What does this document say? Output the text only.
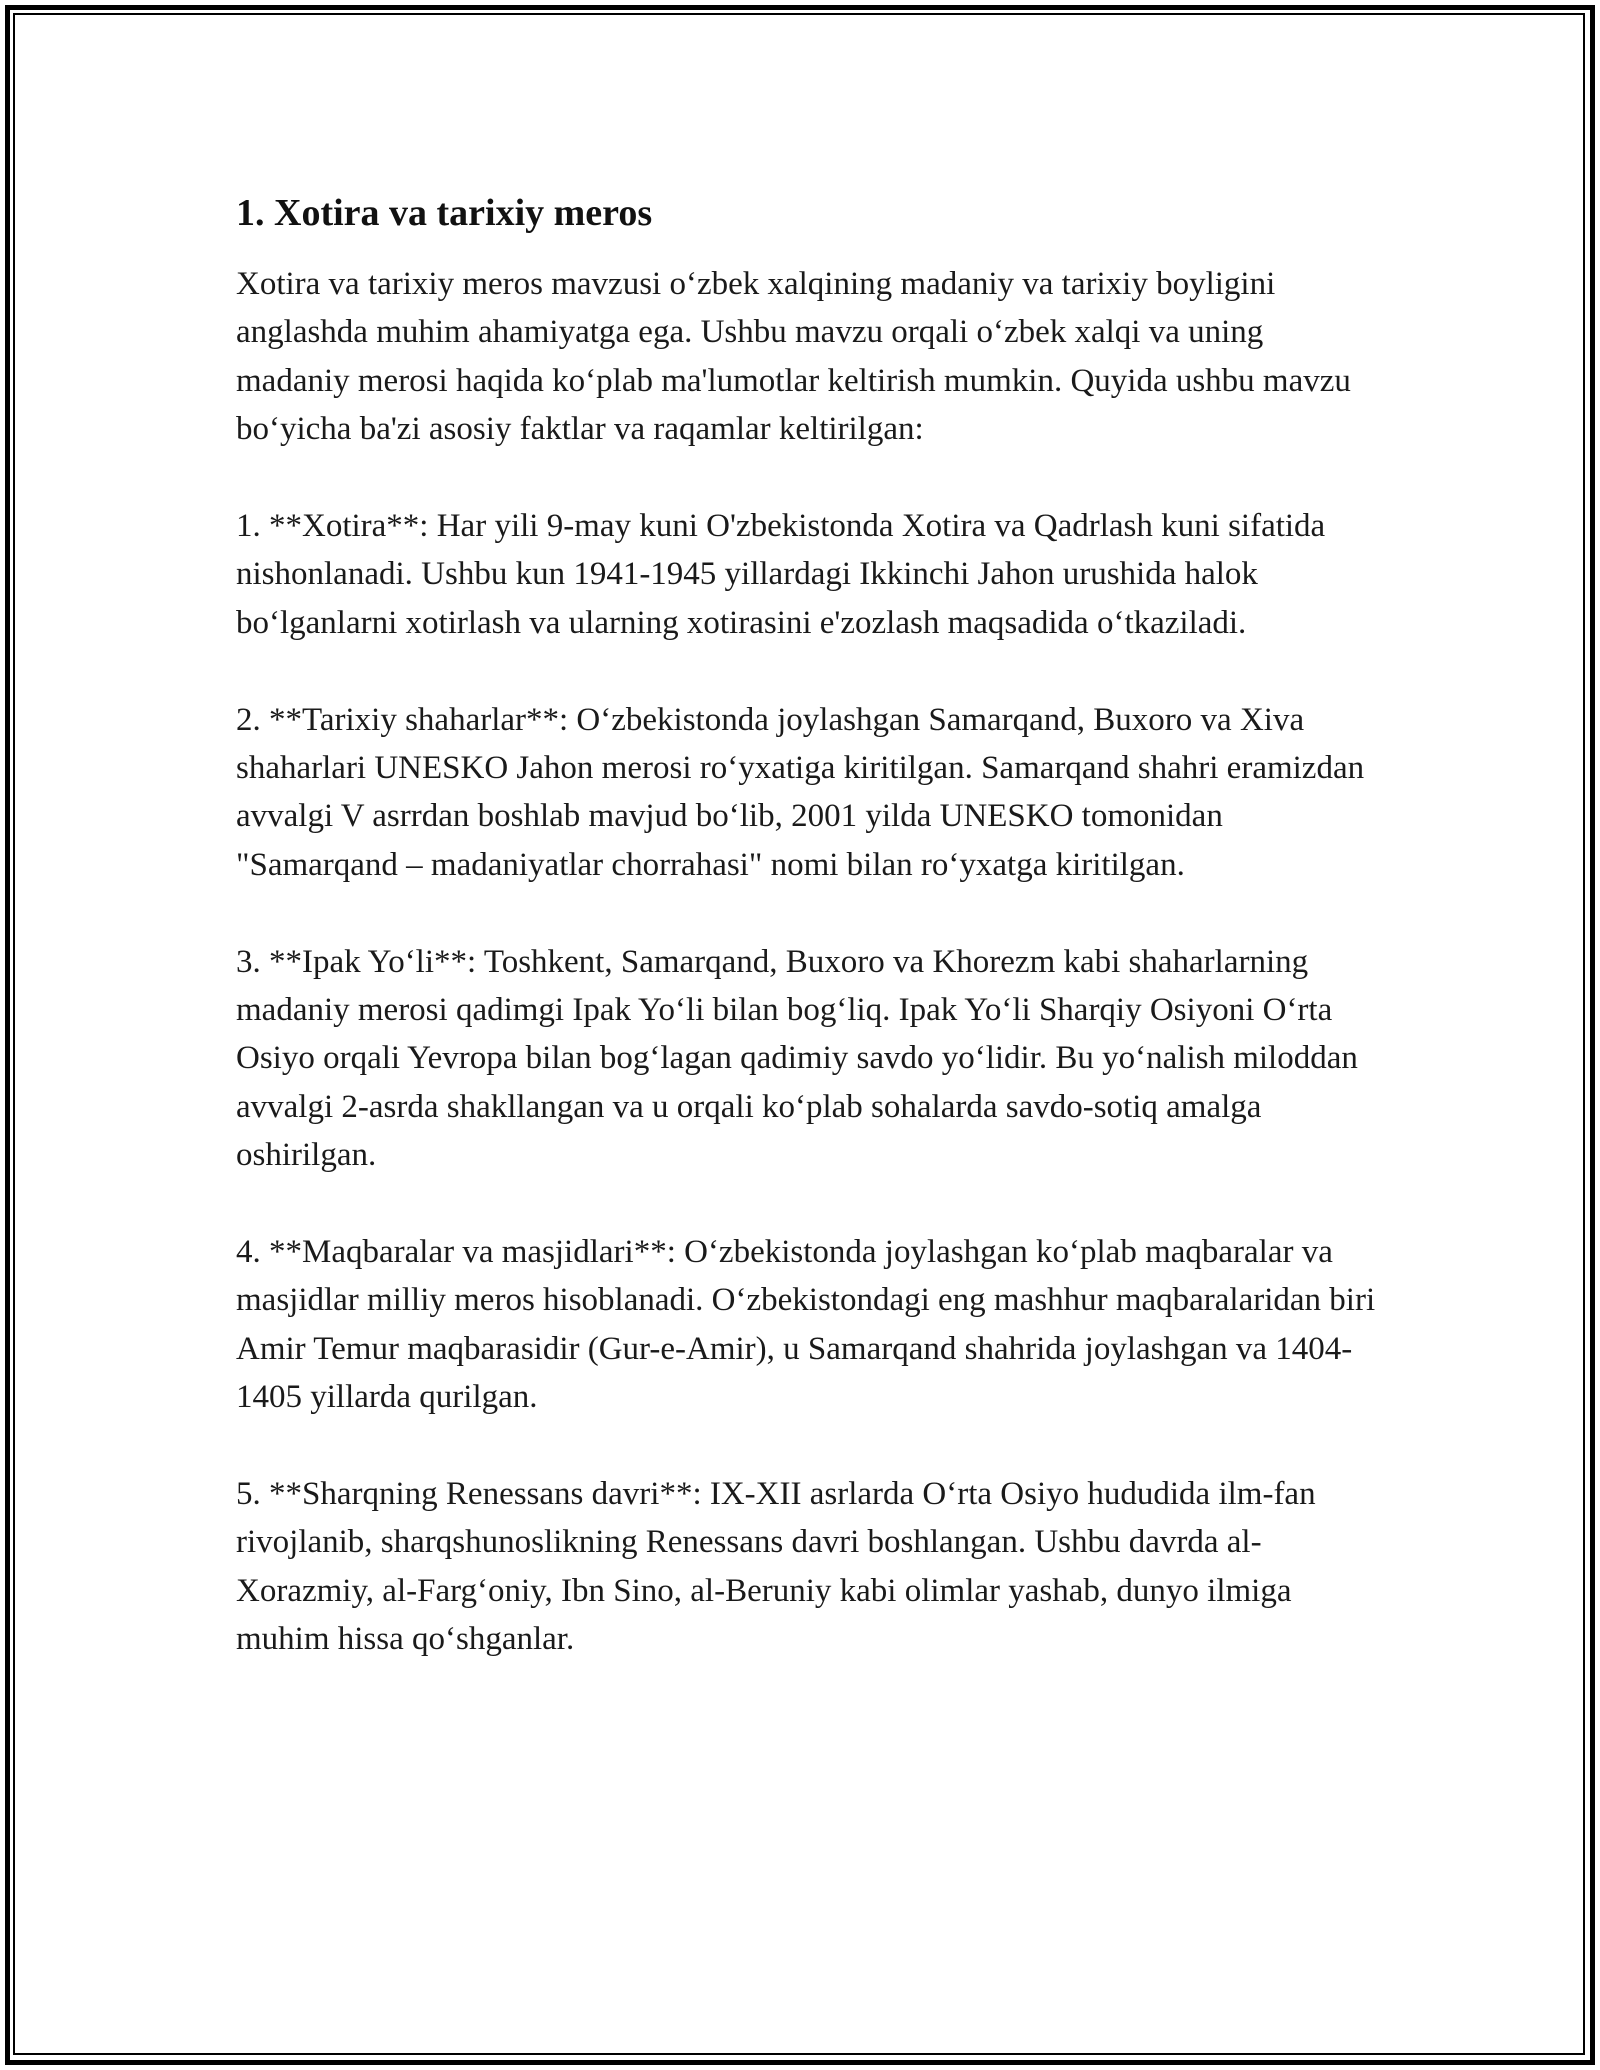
1. Xotira va tarixiy meros

Xotira va tarixiy meros mavzusi o‘zbek xalqining madaniy va tarixiy boyligini anglashda muhim ahamiyatga ega. Ushbu mavzu orqali o‘zbek xalqi va uning madaniy merosi haqida ko‘plab ma'lumotlar keltirish mumkin. Quyida ushbu mavzu bo‘yicha ba'zi asosiy faktlar va raqamlar keltirilgan:

1. **Xotira**: Har yili 9-may kuni O'zbekistonda Xotira va Qadrlash kuni sifatida nishonlanadi. Ushbu kun 1941-1945 yillardagi Ikkinchi Jahon urushida halok bo‘lganlarni xotirlash va ularning xotirasini e'zozlash maqsadida o‘tkaziladi.

2. **Tarixiy shaharlar**: O‘zbekistonda joylashgan Samarqand, Buxoro va Xiva shaharlari UNESKO Jahon merosi ro‘yxatiga kiritilgan. Samarqand shahri eramizdan avvalgi V asrrdan boshlab mavjud bo‘lib, 2001 yilda UNESKO tomonidan "Samarqand – madaniyatlar chorrahasi" nomi bilan ro‘yxatga kiritilgan.

3. **Ipak Yo‘li**: Toshkent, Samarqand, Buxoro va Khorezm kabi shaharlarning madaniy merosi qadimgi Ipak Yo‘li bilan bog‘liq. Ipak Yo‘li Sharqiy Osiyoni O‘rta Osiyo orqali Yevropa bilan bog‘lagan qadimiy savdo yo‘lidir. Bu yo‘nalish miloddan avvalgi 2-asrda shakllangan va u orqali ko‘plab sohalarda savdo-sotiq amalga oshirilgan.

4. **Maqbaralar va masjidlari**: O‘zbekistonda joylashgan ko‘plab maqbaralar va masjidlar milliy meros hisoblanadi. O‘zbekistondagi eng mashhur maqbaralaridan biri Amir Temur maqbarasidir (Gur-e-Amir), u Samarqand shahrida joylashgan va 1404-1405 yillarda qurilgan.

5. **Sharqning Renessans davri**: IX-XII asrlarda O‘rta Osiyo hududida ilm-fan rivojlanib, sharqshunoslikning Renessans davri boshlangan. Ushbu davrda al-Xorazmiy, al-Farg‘oniy, Ibn Sino, al-Beruniy kabi olimlar yashab, dunyo ilmiga muhim hissa qo‘shganlar.
